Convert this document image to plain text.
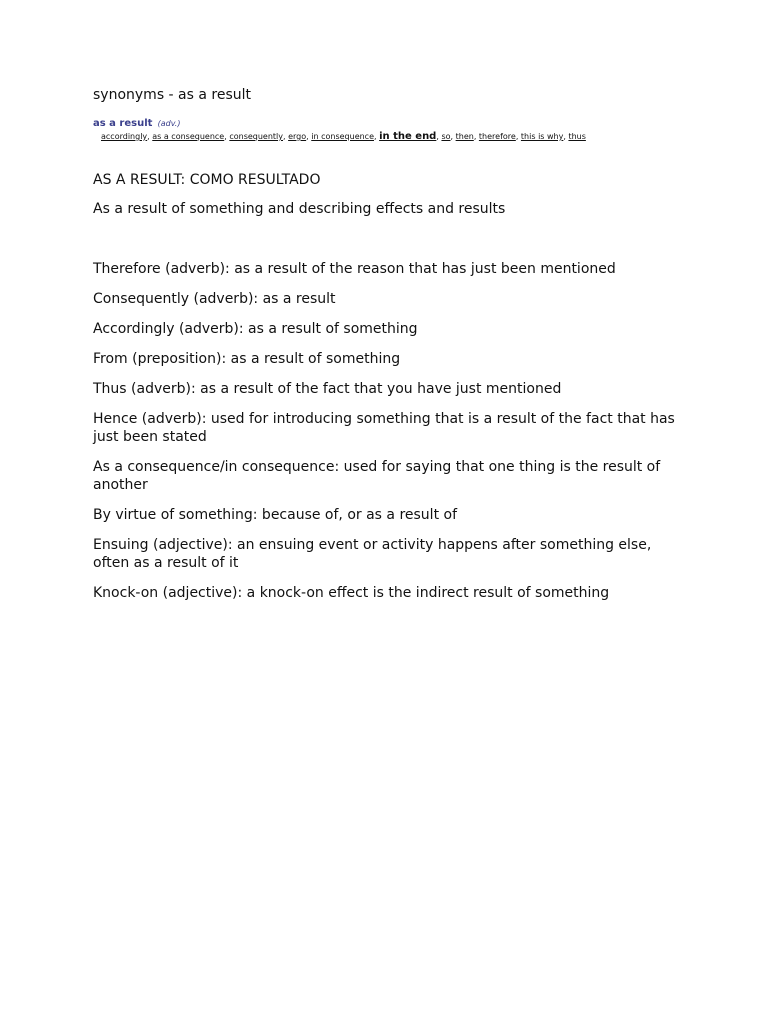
synonyms - as a result
as a result (adv.)
accordingly, as a consequence, consequently, ergo, in consequence, in the end, so, then, therefore, this is why, thus
AS A RESULT: COMO RESULTADO
As a result of something and describing effects and results
Therefore (adverb): as a result of the reason that has just been mentioned
Consequently (adverb): as a result
Accordingly (adverb): as a result of something
From (preposition): as a result of something
Thus (adverb): as a result of the fact that you have just mentioned
Hence (adverb): used for introducing something that is a result of the fact that has just been stated
As a consequence/in consequence: used for saying that one thing is the result of another
By virtue of something: because of, or as a result of
Ensuing (adjective): an ensuing event or activity happens after something else, often as a result of it
Knock-on (adjective): a knock-on effect is the indirect result of something
